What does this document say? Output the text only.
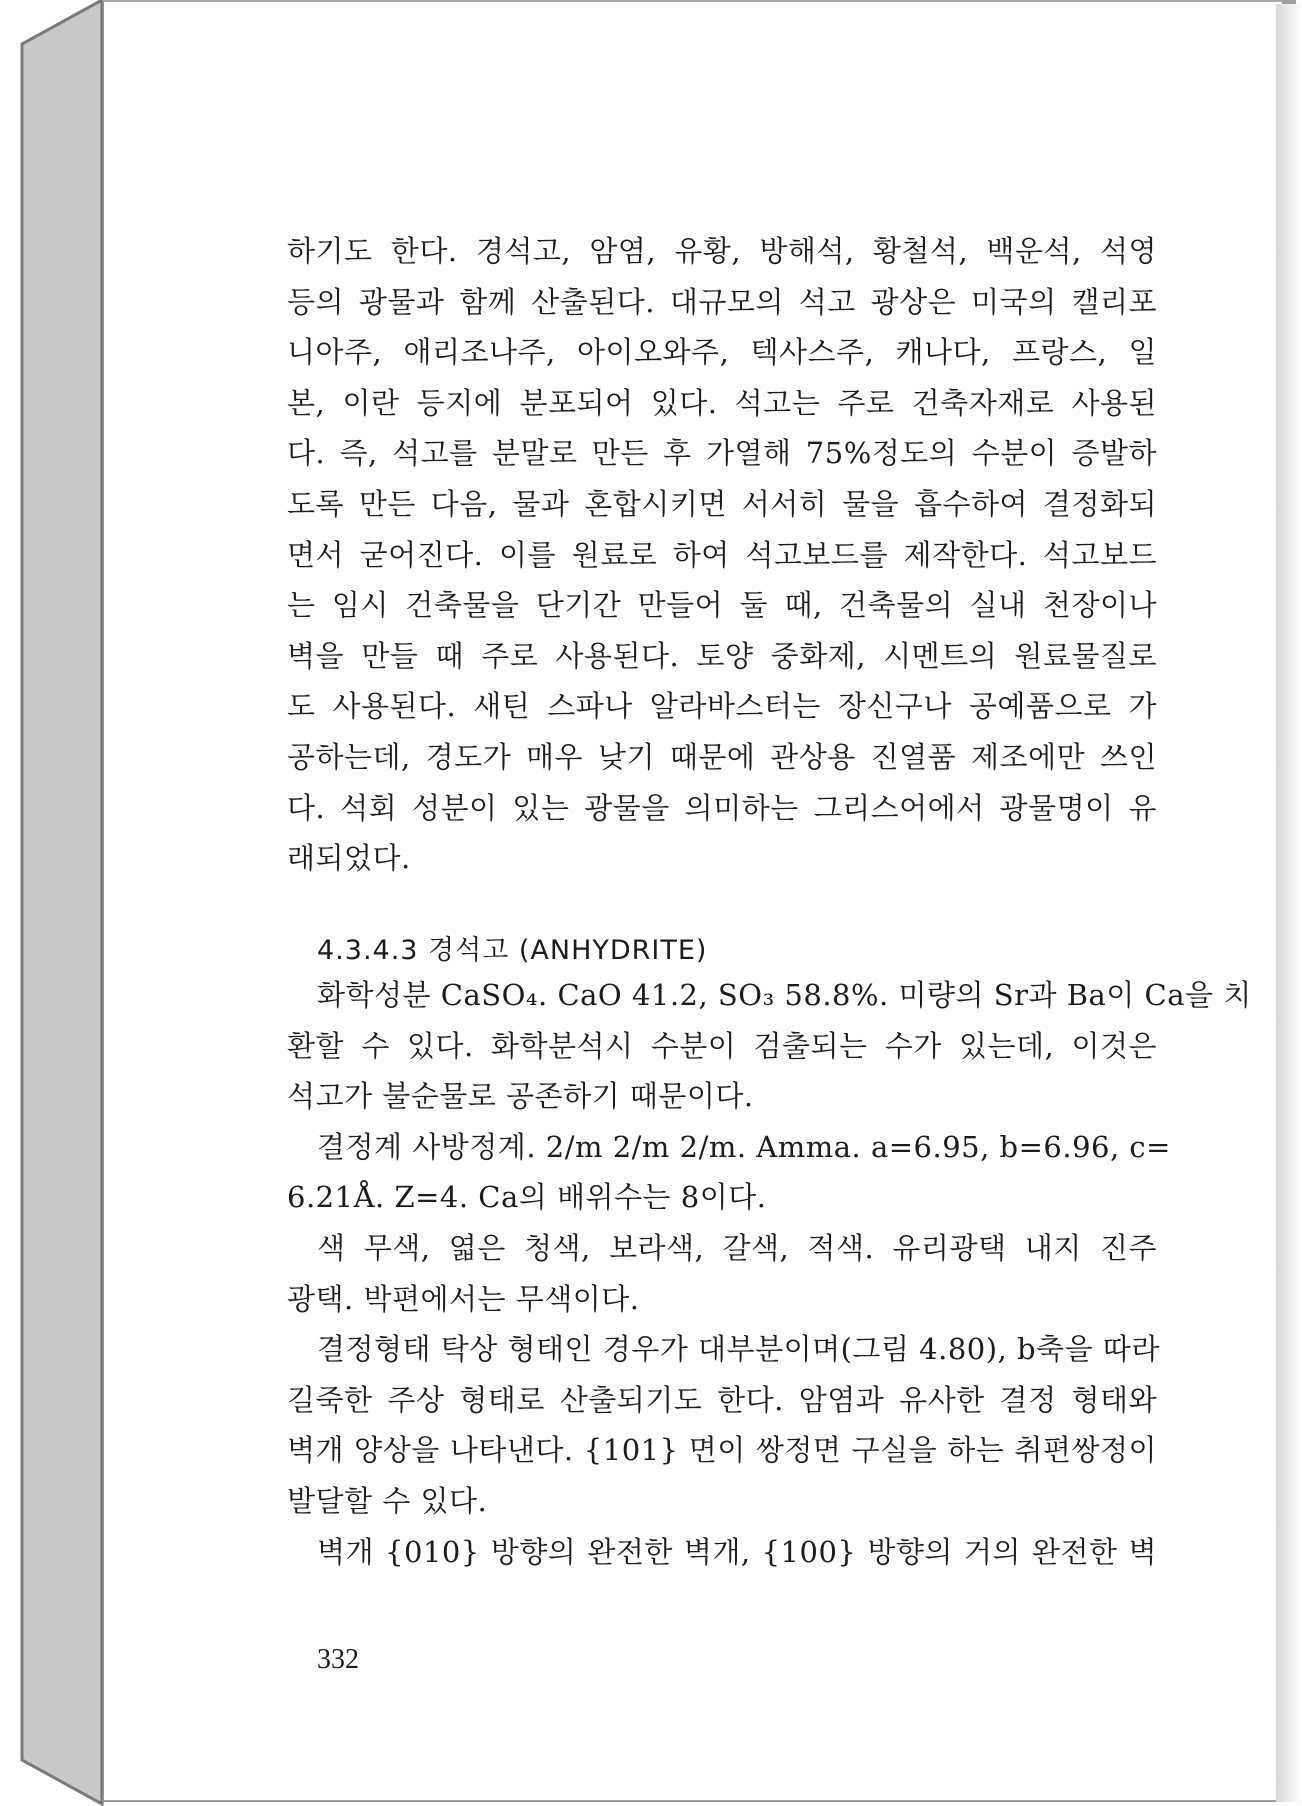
하기도 한다. 경석고, 암염, 유황, 방해석, 황철석, 백운석, 석영
등의 광물과 함께 산출된다. 대규모의 석고 광상은 미국의 캘리포
니아주, 애리조나주, 아이오와주, 텍사스주, 캐나다, 프랑스, 일
본, 이란 등지에 분포되어 있다. 석고는 주로 건축자재로 사용된
다. 즉, 석고를 분말로 만든 후 가열해 75%정도의 수분이 증발하
도록 만든 다음, 물과 혼합시키면 서서히 물을 흡수하여 결정화되
면서 굳어진다. 이를 원료로 하여 석고보드를 제작한다. 석고보드
는 임시 건축물을 단기간 만들어 둘 때, 건축물의 실내 천장이나
벽을 만들 때 주로 사용된다. 토양 중화제, 시멘트의 원료물질로
도 사용된다. 새틴 스파나 알라바스터는 장신구나 공예품으로 가
공하는데, 경도가 매우 낮기 때문에 관상용 진열품 제조에만 쓰인
다. 석회 성분이 있는 광물을 의미하는 그리스어에서 광물명이 유
래되었다.
4.3.4.3 경석고 (ANHYDRITE)
화학성분 CaSO₄. CaO 41.2, SO₃ 58.8%. 미량의 Sr과 Ba이 Ca을 치
환할 수 있다. 화학분석시 수분이 검출되는 수가 있는데, 이것은
석고가 불순물로 공존하기 때문이다.
결정계 사방정계. 2/m 2/m 2/m. Amma. a=6.95, b=6.96, c=
6.21Å. Z=4. Ca의 배위수는 8이다.
색 무색, 엷은 청색, 보라색, 갈색, 적색. 유리광택 내지 진주
광택. 박편에서는 무색이다.
결정형태 탁상 형태인 경우가 대부분이며(그림 4.80), b축을 따라
길죽한 주상 형태로 산출되기도 한다. 암염과 유사한 결정 형태와
벽개 양상을 나타낸다. {101} 면이 쌍정면 구실을 하는 취편쌍정이
발달할 수 있다.
벽개 {010} 방향의 완전한 벽개, {100} 방향의 거의 완전한 벽
332
